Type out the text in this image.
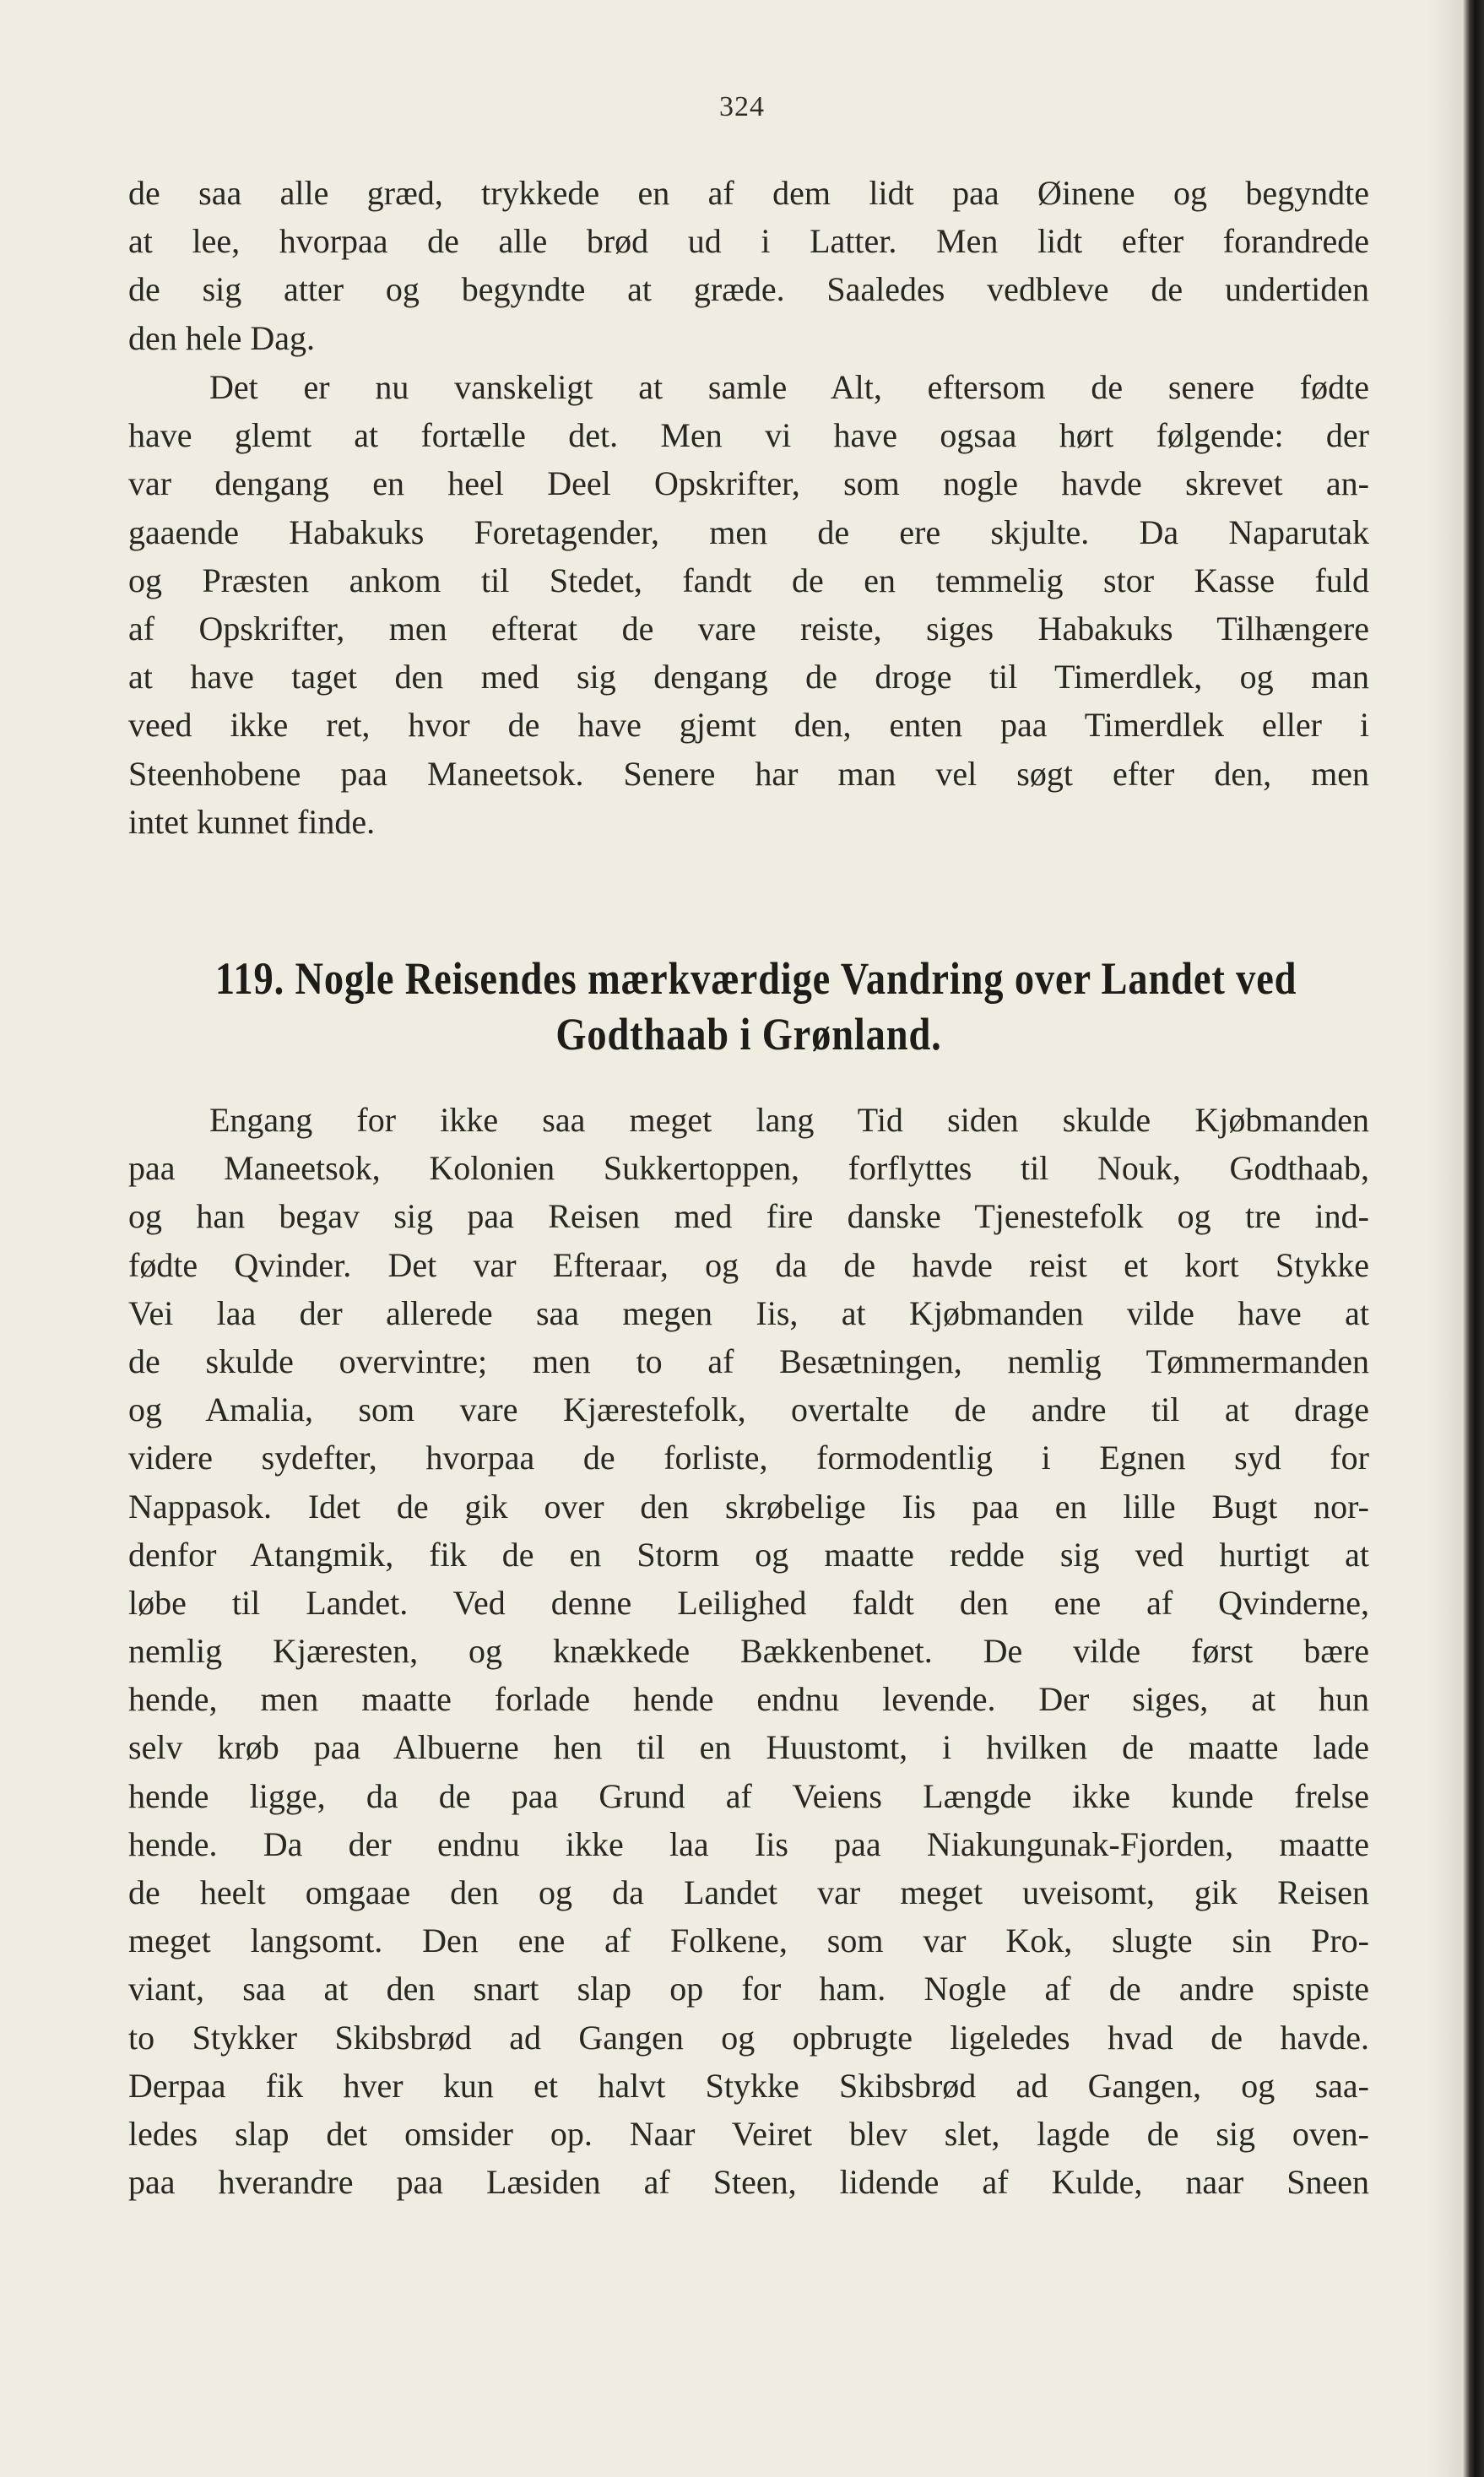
324
de saa alle græd, trykkede en af dem lidt paa Øinene og begyndte
at lee, hvorpaa de alle brød ud i Latter. Men lidt efter forandrede
de sig atter og begyndte at græde. Saaledes vedbleve de undertiden
den hele Dag.
Det er nu vanskeligt at samle Alt, eftersom de senere fødte
have glemt at fortælle det. Men vi have ogsaa hørt følgende: der
var dengang en heel Deel Opskrifter, som nogle havde skrevet an-
gaaende Habakuks Foretagender, men de ere skjulte. Da Naparutak
og Præsten ankom til Stedet, fandt de en temmelig stor Kasse fuld
af Opskrifter, men efterat de vare reiste, siges Habakuks Tilhængere
at have taget den med sig dengang de droge til Timerdlek, og man
veed ikke ret, hvor de have gjemt den, enten paa Timerdlek eller i
Steenhobene paa Maneetsok. Senere har man vel søgt efter den, men
intet kunnet finde.
119. Nogle Reisendes mærkværdige Vandring over Landet ved
Godthaab i Grønland.
Engang for ikke saa meget lang Tid siden skulde Kjøbmanden
paa Maneetsok, Kolonien Sukkertoppen, forflyttes til Nouk, Godthaab,
og han begav sig paa Reisen med fire danske Tjenestefolk og tre ind-
fødte Qvinder. Det var Efteraar, og da de havde reist et kort Stykke
Vei laa der allerede saa megen Iis, at Kjøbmanden vilde have at
de skulde overvintre; men to af Besætningen, nemlig Tømmermanden
og Amalia, som vare Kjærestefolk, overtalte de andre til at drage
videre sydefter, hvorpaa de forliste, formodentlig i Egnen syd for
Nappasok. Idet de gik over den skrøbelige Iis paa en lille Bugt nor-
denfor Atangmik, fik de en Storm og maatte redde sig ved hurtigt at
løbe til Landet. Ved denne Leilighed faldt den ene af Qvinderne,
nemlig Kjæresten, og knækkede Bækkenbenet. De vilde først bære
hende, men maatte forlade hende endnu levende. Der siges, at hun
selv krøb paa Albuerne hen til en Huustomt, i hvilken de maatte lade
hende ligge, da de paa Grund af Veiens Længde ikke kunde frelse
hende. Da der endnu ikke laa Iis paa Niakungunak-Fjorden, maatte
de heelt omgaae den og da Landet var meget uveisomt, gik Reisen
meget langsomt. Den ene af Folkene, som var Kok, slugte sin Pro-
viant, saa at den snart slap op for ham. Nogle af de andre spiste
to Stykker Skibsbrød ad Gangen og opbrugte ligeledes hvad de havde.
Derpaa fik hver kun et halvt Stykke Skibsbrød ad Gangen, og saa-
ledes slap det omsider op. Naar Veiret blev slet, lagde de sig oven-
paa hverandre paa Læsiden af Steen, lidende af Kulde, naar Sneen
